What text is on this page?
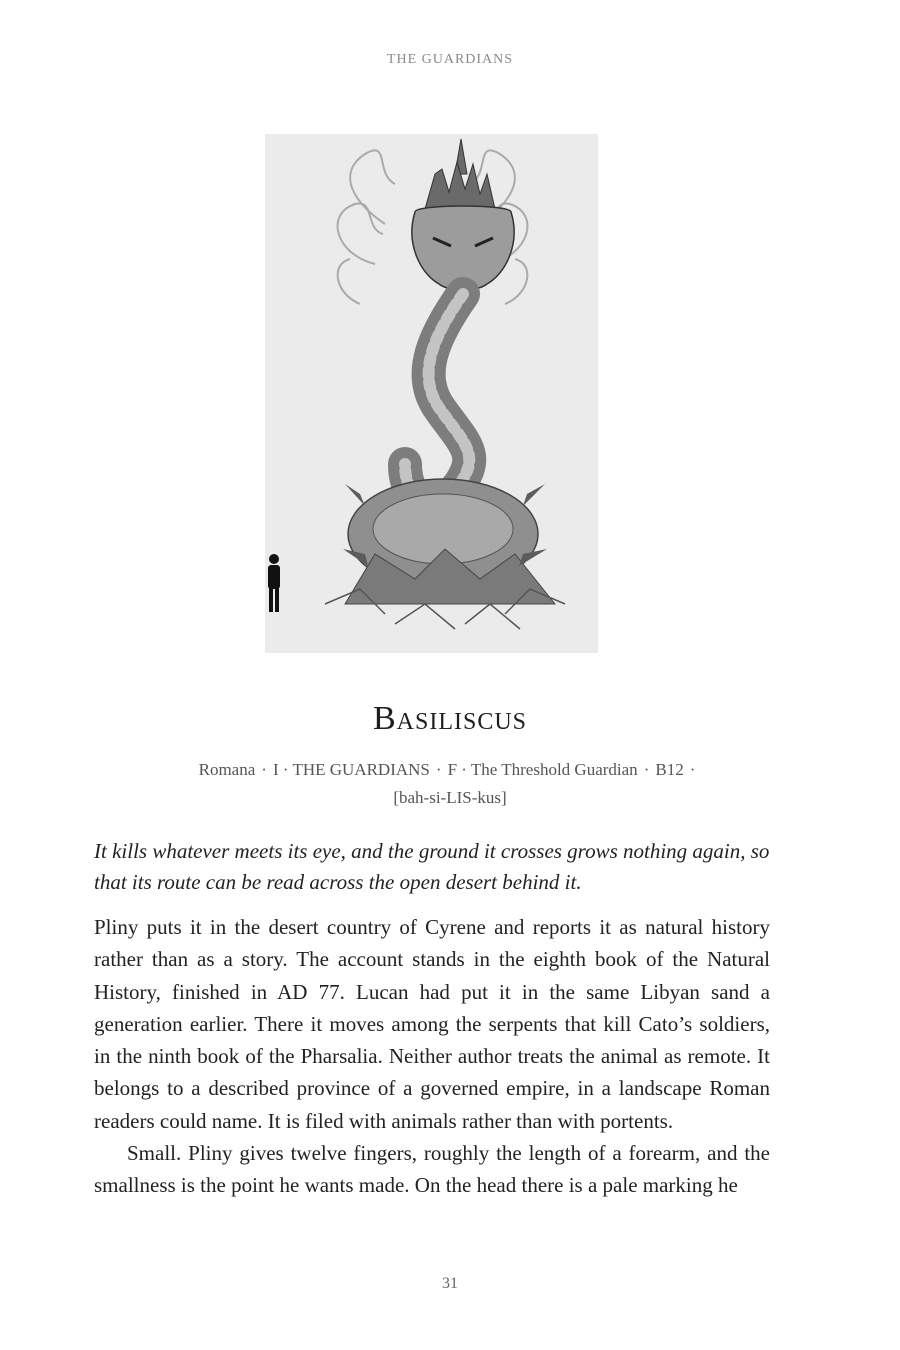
THE GUARDIANS
Basiliscus
Romana · I · THE GUARDIANS · F · The Threshold Guardian · B12 ·
[bah-si-LIS-kus]
It kills whatever meets its eye, and the ground it crosses grows nothing again, so that its route can be read across the open desert behind it.

Pliny puts it in the desert country of Cyrene and reports it as natural history rather than as a story. The account stands in the eighth book of the Natural History, finished in AD 77. Lucan had put it in the same Libyan sand a generation earlier. There it moves among the serpents that kill Cato’s soldiers, in the ninth book of the Pharsalia. Neither author treats the animal as remote. It belongs to a described province of a governed empire, in a landscape Roman readers could name. It is filed with animals rather than with portents.

Small. Pliny gives twelve fingers, roughly the length of a forearm, and the smallness is the point he wants made. On the head there is a pale marking he

31
